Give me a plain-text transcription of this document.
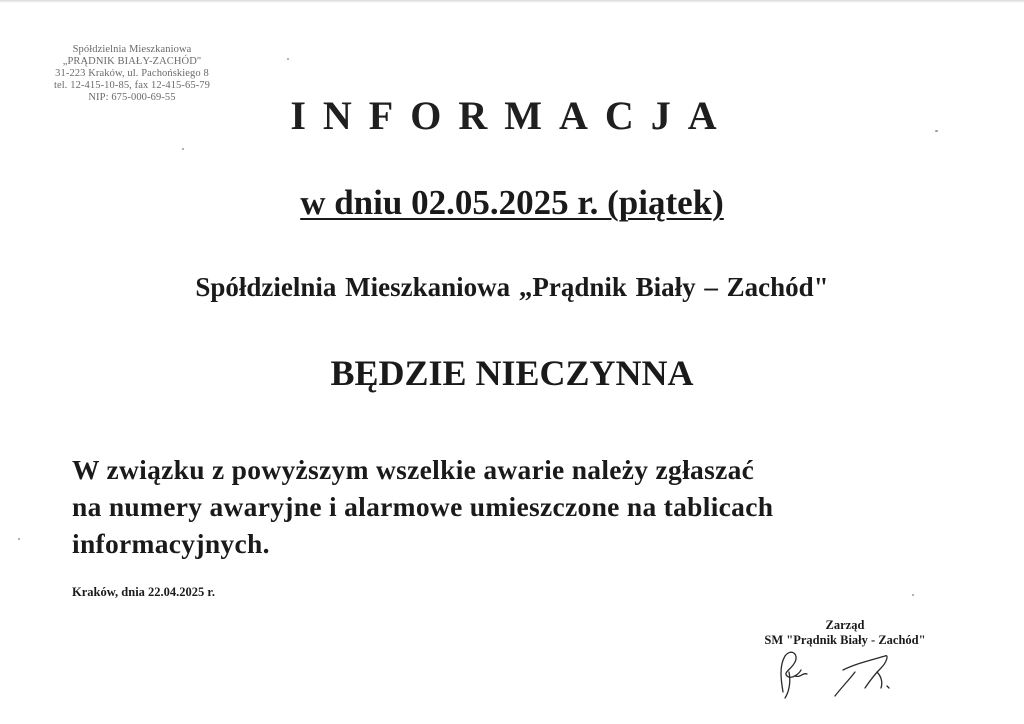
Spółdzielnia Mieszkaniowa
„PRĄDNIK BIAŁY-ZACHÓD"
31-223 Kraków, ul. Pachońskiego 8
tel. 12-415-10-85, fax 12-415-65-79
NIP: 675-000-69-55	INFORMACJA
w dniu 02.05.2025 r. (piątek)
Spółdzielnia Mieszkaniowa „Prądnik Biały – Zachód"
BĘDZIE NIECZYNNA
W związku z powyższym wszelkie awarie należy zgłaszać
na numery awaryjne i alarmowe umieszczone na tablicach
informacyjnych.
Kraków, dnia 22.04.2025 r.
Zarząd
SM "Prądnik Biały - Zachód"
